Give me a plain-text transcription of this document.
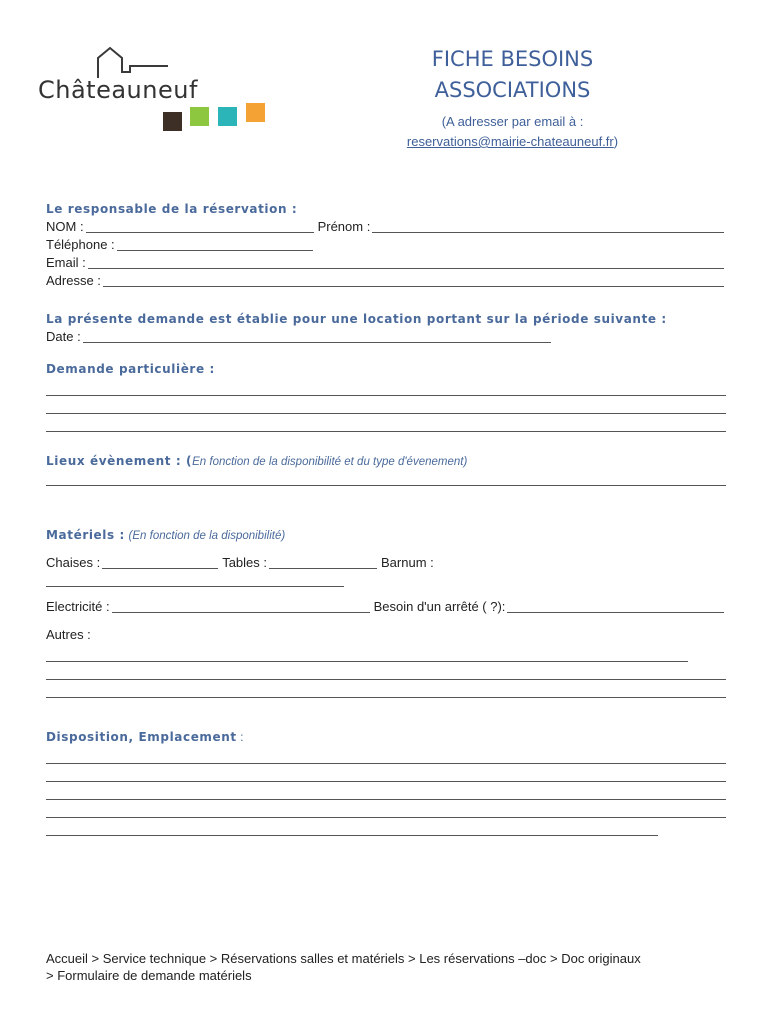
Châteauneuf
FICHE BESOINS
ASSOCIATIONS
(A adresser par email à :
reservations@mairie-chateauneuf.fr)
Le responsable de la réservation :
NOM :	Prénom :
Téléphone :
Email :
Adresse :
La présente demande est établie pour une location portant sur la période suivante :
Date :
Demande particulière :
Lieux évènement : (En fonction de la disponibilité et du type d'évenement)
Matériels : (En fonction de la disponibilité)
Chaises :	Tables :	Barnum :
Electricité :	Besoin d'un arrêté ( ?):
Autres :
Disposition, Emplacement :
Accueil > Service technique > Réservations salles et matériels > Les réservations –doc > Doc originaux
> Formulaire de demande matériels
